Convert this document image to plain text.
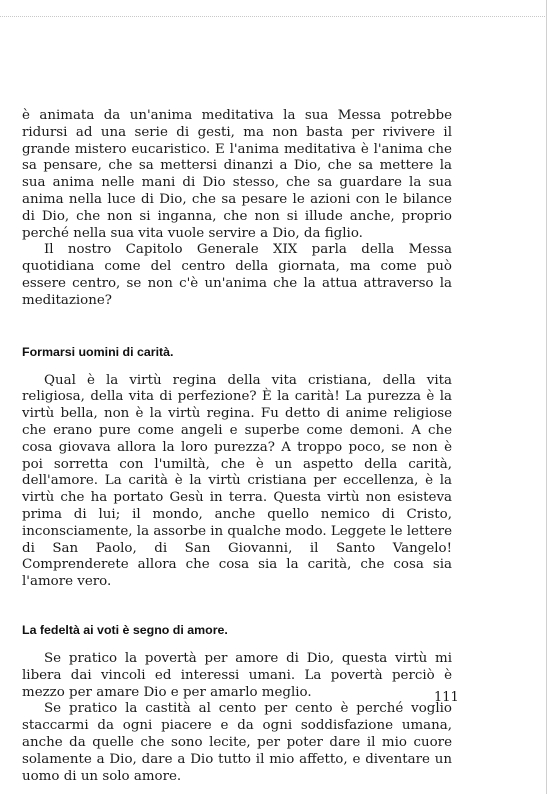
è animata da un'anima meditativa la sua Messa potrebbe ridursi ad una serie di gesti, ma non basta per rivivere il grande mistero eucaristico. E l'anima meditativa è l'anima che sa pensare, che sa mettersi dinanzi a Dio, che sa mettere la sua anima nelle mani di Dio stesso, che sa guardare la sua anima nella luce di Dio, che sa pesare le azioni con le bilance di Dio, che non si inganna, che non si illude anche, proprio perché nella sua vita vuole servire a Dio, da figlio.

Il nostro Capitolo Generale XIX parla della Messa quotidiana come del centro della giornata, ma come può essere centro, se non c'è un'anima che la attua attraverso la meditazione?

Formarsi uomini di carità.

Qual è la virtù regina della vita cristiana, della vita religiosa, della vita di perfezione? È la carità! La purezza è la virtù bella, non è la virtù regina. Fu detto di anime religiose che erano pure come angeli e superbe come demoni. A che cosa giovava allora la loro purezza? A troppo poco, se non è poi sorretta con l'umiltà, che è un aspetto della carità, dell'amore. La carità è la virtù cristiana per eccellenza, è la virtù che ha portato Gesù in terra. Questa virtù non esisteva prima di lui; il mondo, anche quello nemico di Cristo, inconsciamente, la assorbe in qualche modo. Leggete le lettere di San Paolo, di San Giovanni, il Santo Vangelo! Comprenderete allora che cosa sia la carità, che cosa sia l'amore vero.

La fedeltà ai voti è segno di amore.

Se pratico la povertà per amore di Dio, questa virtù mi libera dai vincoli ed interessi umani. La povertà perciò è mezzo per amare Dio e per amarlo meglio.

Se pratico la castità al cento per cento è perché voglio staccarmi da ogni piacere e da ogni soddisfazione umana, anche da quelle che sono lecite, per poter dare il mio cuore solamente a Dio, dare a Dio tutto il mio affetto, e diventare un uomo di un solo amore.

111
